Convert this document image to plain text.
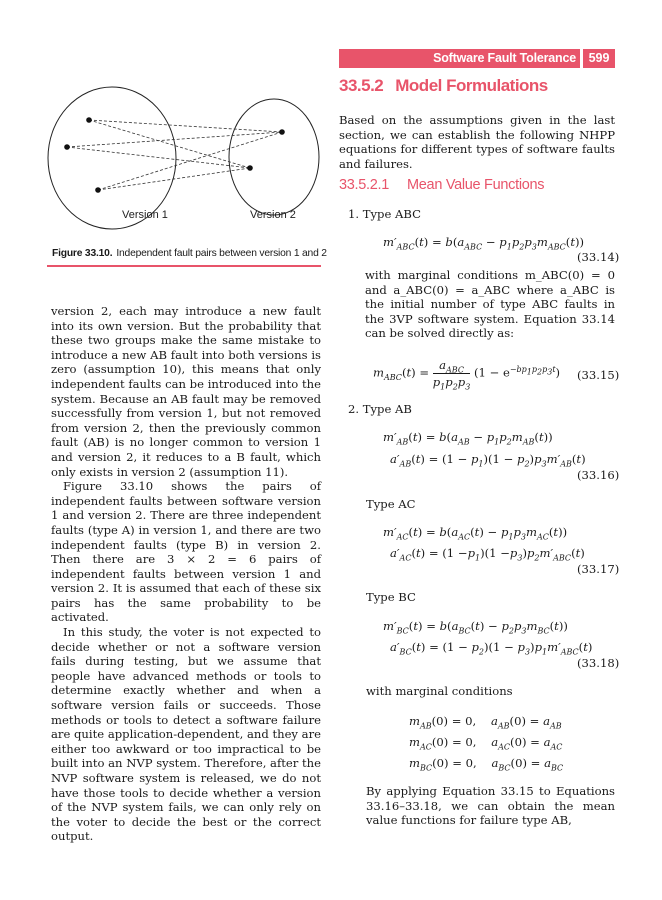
Software Fault Tolerance	599
Version 1	Version 2
Figure 33.10. Independent fault pairs between version 1 and 2

version 2, each may introduce a new fault into its own version. But the probability that these two groups make the same mistake to introduce a new AB fault into both versions is zero (assumption 10), this means that only independent faults can be introduced into the system. Because an AB fault may be removed successfully from version 1, but not removed from version 2, then the previously common fault (AB) is no longer common to version 1 and version 2, it reduces to a B fault, which only exists in version 2 (assumption 11).

Figure 33.10 shows the pairs of independent faults between software version 1 and version 2. There are three independent faults (type A) in version 1, and there are two independent faults (type B) in version 2. Then there are 3 × 2 = 6 pairs of independent faults between version 1 and version 2. It is assumed that each of these six pairs has the same probability to be activated.

In this study, the voter is not expected to decide whether or not a software version fails during testing, but we assume that people have advanced methods or tools to determine exactly whether and when a software version fails or succeeds. Those methods or tools to detect a software failure are quite application-dependent, and they are either too awkward or too impractical to be built into an NVP system. Therefore, after the NVP software system is released, we do not have those tools to decide whether a version of the NVP system fails, we can only rely on the voter to decide the best or the correct output.

33.5.2 Model Formulations
Based on the assumptions given in the last section, we can establish the following NHPP equations for different types of software faults and failures.
33.5.2.1 Mean Value Functions
1. Type ABC
$m'_{ABC}(t) = b(a_{ABC} - p_1p_2p_3m_{ABC}(t))$
(33.14)
with marginal conditions m_ABC(0) = 0 and a_ABC(0) = a_ABC where a_ABC is the initial number of type ABC faults in the 3VP software system. Equation 33.14 can be solved directly as:
$m_{ABC}(t) = \frac{a_{ABC}}{p_1p_2p_3} (1 - e^{-bp_1p_2p_3t})$ (33.15)
2. Type AB
$m'_{AB}(t) = b(a_{AB} - p_1p_2m_{AB}(t))$
$a'_{AB}(t) = (1 - p_1)(1 - p_2)p_3m'_{AB}(t)$
(33.16)
Type AC
$m'_{AC}(t) = b(a_{AC}(t) - p_1p_3m_{AC}(t))$
$a'_{AC}(t) = (1 -p_1)(1 -p_3)p_2m'_{ABC}(t)$
(33.17)
Type BC
$m'_{BC}(t) = b(a_{BC}(t) - p_2p_3m_{BC}(t))$
$a'_{BC}(t) = (1 - p_2)(1 - p_3)p_1m'_{ABC}(t)$
(33.18)
with marginal conditions
$m_{AB}(0) = 0$,    $a_{AB}(0) = a_{AB}$
$m_{AC}(0) = 0$,    $a_{AC}(0) = a_{AC}$
$m_{BC}(0) = 0$,    $a_{BC}(0) = a_{BC}$
By applying Equation 33.15 to Equations 33.16–33.18, we can obtain the mean value functions for failure type AB,
